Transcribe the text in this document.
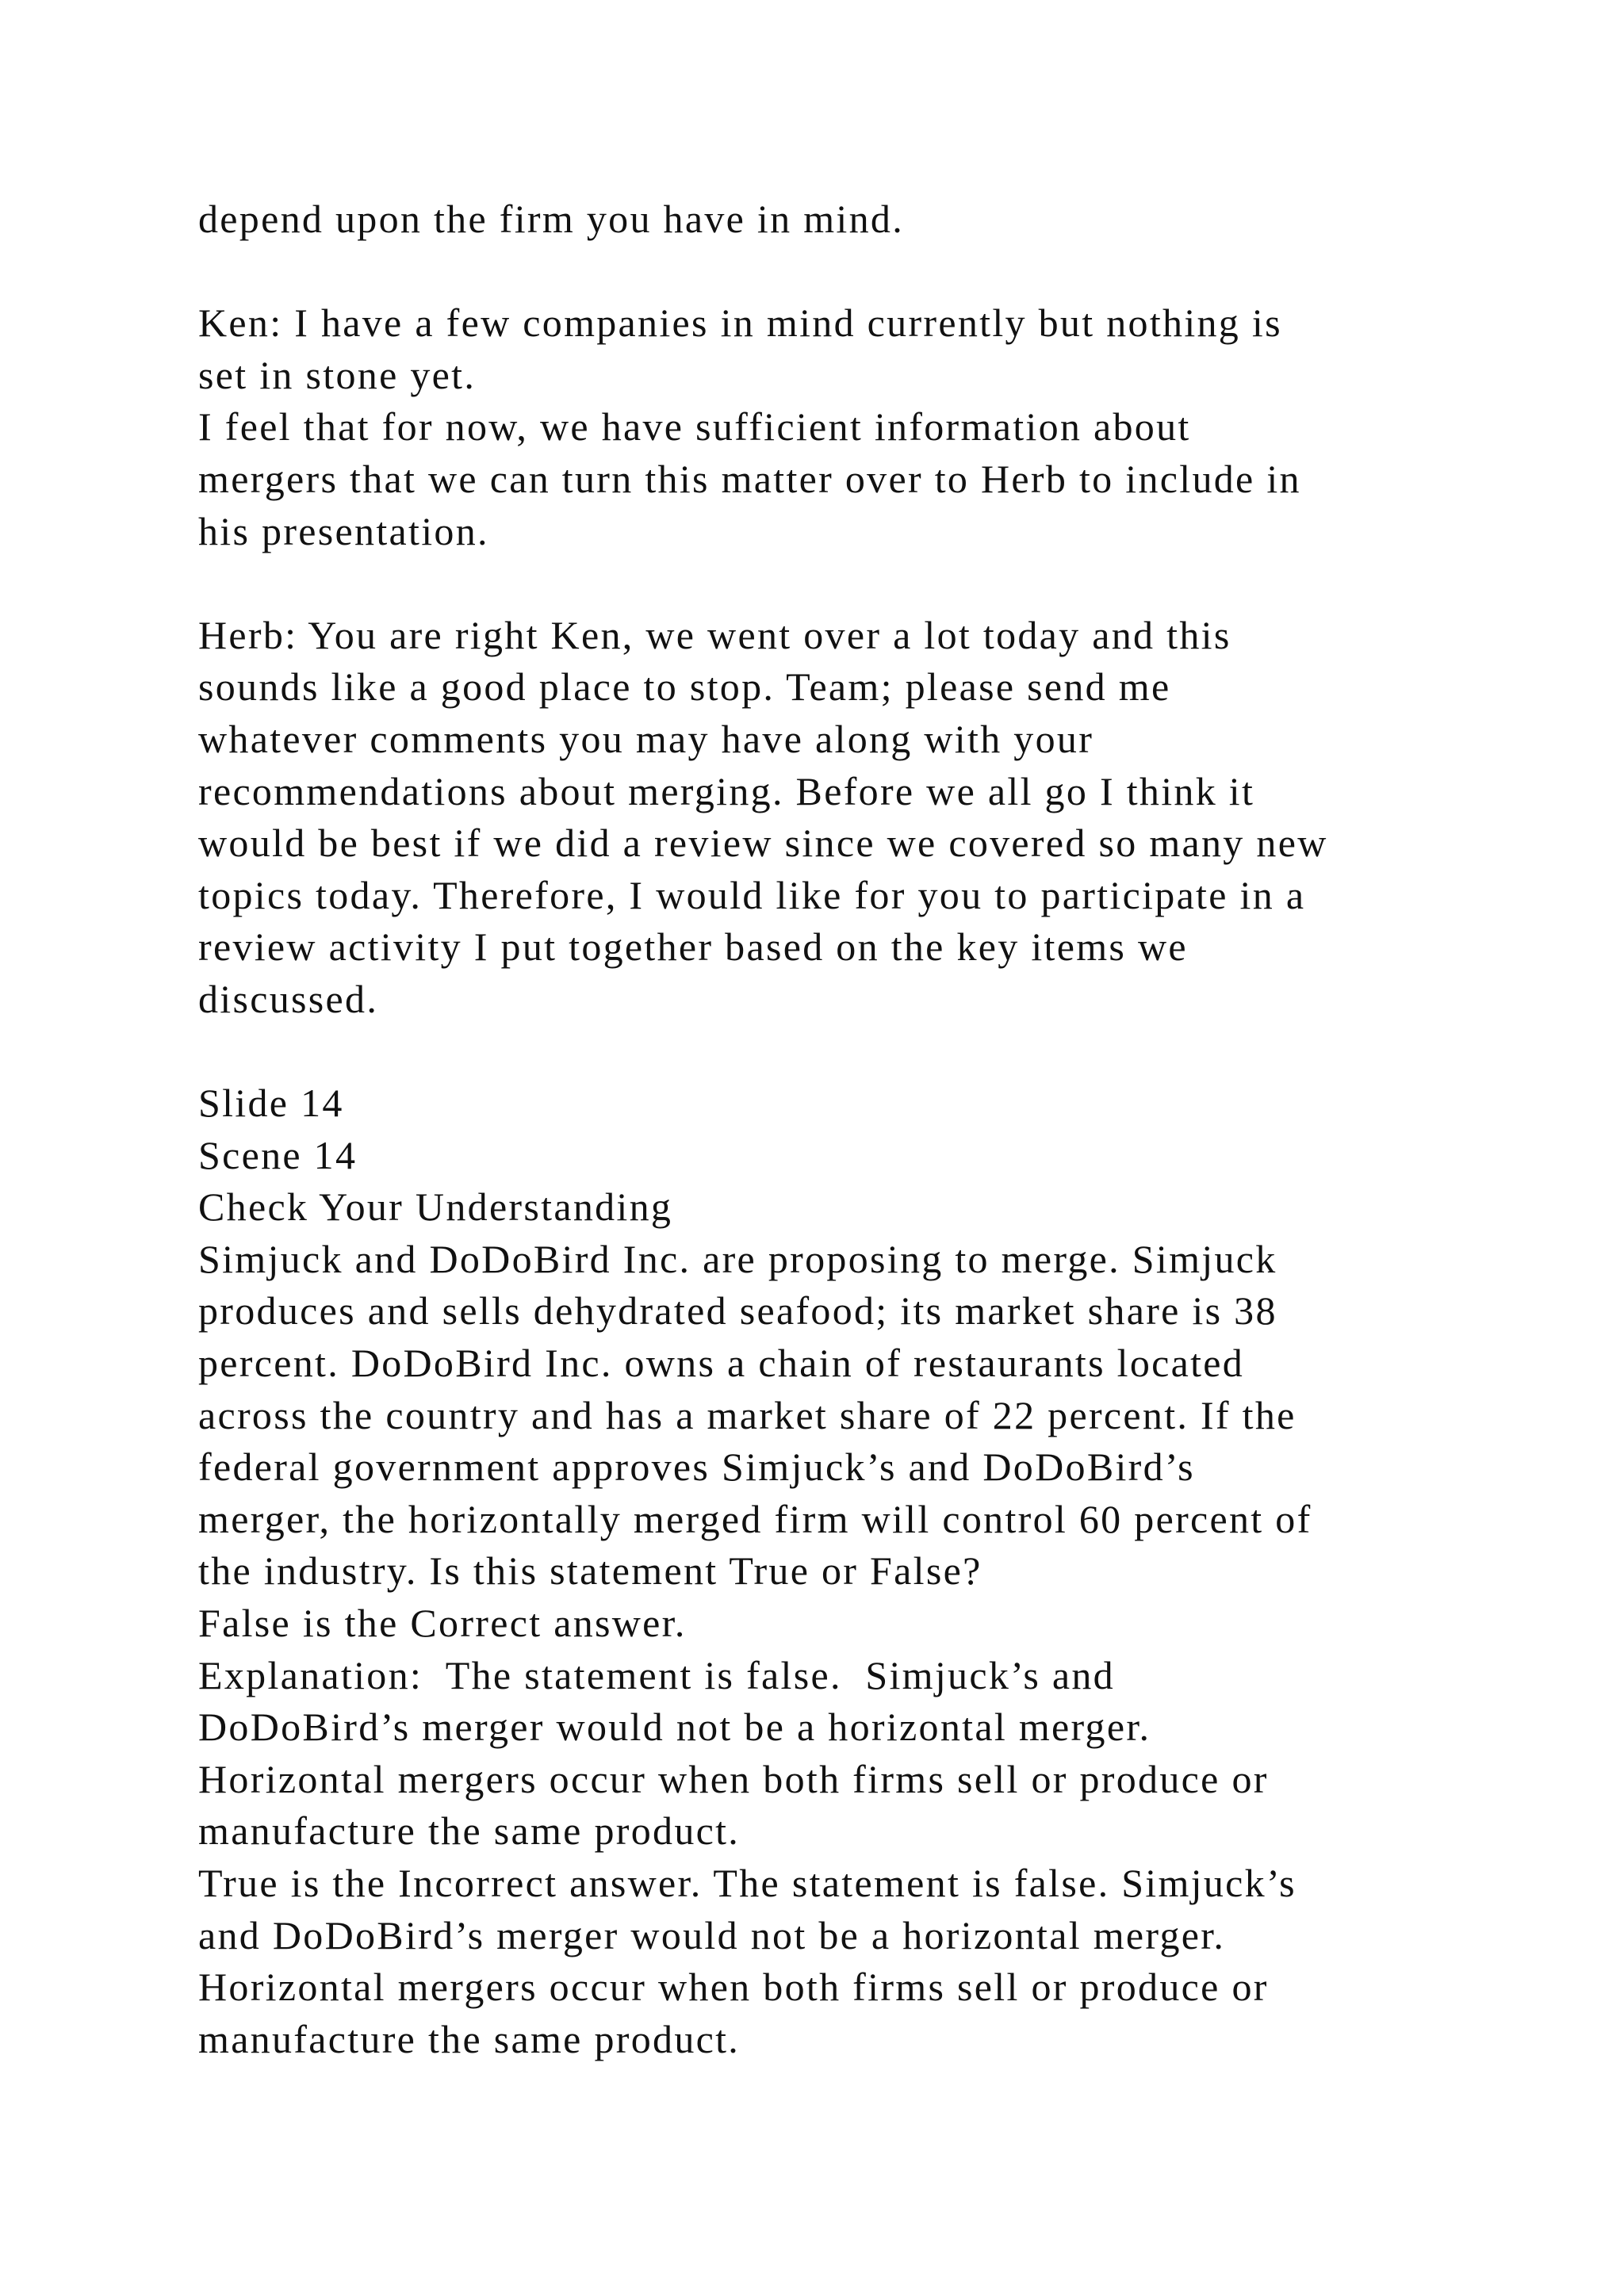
depend upon the firm you have in mind.
Ken: I have a few companies in mind currently but nothing is
set in stone yet.
I feel that for now, we have sufficient information about
mergers that we can turn this matter over to Herb to include in
his presentation.
Herb: You are right Ken, we went over a lot today and this
sounds like a good place to stop. Team; please send me
whatever comments you may have along with your
recommendations about merging. Before we all go I think it
would be best if we did a review since we covered so many new
topics today. Therefore, I would like for you to participate in a
review activity I put together based on the key items we
discussed.
Slide 14
Scene 14
Check Your Understanding
Simjuck and DoDoBird Inc. are proposing to merge. Simjuck
produces and sells dehydrated seafood; its market share is 38
percent. DoDoBird Inc. owns a chain of restaurants located
across the country and has a market share of 22 percent. If the
federal government approves Simjuck’s and DoDoBird’s
merger, the horizontally merged firm will control 60 percent of
the industry. Is this statement True or False?
False is the Correct answer.
Explanation:  The statement is false.  Simjuck’s and
DoDoBird’s merger would not be a horizontal merger.
Horizontal mergers occur when both firms sell or produce or
manufacture the same product.
True is the Incorrect answer. The statement is false. Simjuck’s
and DoDoBird’s merger would not be a horizontal merger.
Horizontal mergers occur when both firms sell or produce or
manufacture the same product.
